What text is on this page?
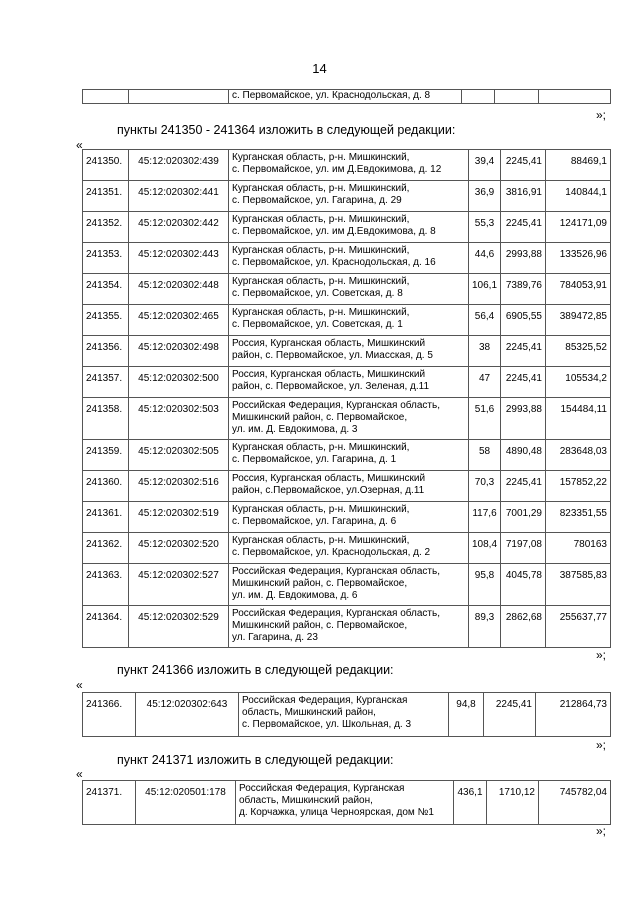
14
		с. Первомайское, ул. Краснодольская, д. 8			
»;
пункты 241350 - 241364 изложить в следующей редакции:
«
241350.	45:12:020302:439	Курганская область, р-н. Мишкинский,
с. Первомайское, ул. им Д.Евдокимова, д. 12	39,4	2245,41	88469,1
241351.	45:12:020302:441	Курганская область, р-н. Мишкинский,
с. Первомайское, ул. Гагарина, д. 29	36,9	3816,91	140844,1
241352.	45:12:020302:442	Курганская область, р-н. Мишкинский,
с. Первомайское, ул. им Д.Евдокимова, д. 8	55,3	2245,41	124171,09
241353.	45:12:020302:443	Курганская область, р-н. Мишкинский,
с. Первомайское, ул. Краснодольская, д. 16	44,6	2993,88	133526,96
241354.	45:12:020302:448	Курганская область, р-н. Мишкинский,
с. Первомайское, ул. Советская, д. 8	106,1	7389,76	784053,91
241355.	45:12:020302:465	Курганская область, р-н. Мишкинский,
с. Первомайское, ул. Советская, д. 1	56,4	6905,55	389472,85
241356.	45:12:020302:498	Россия, Курганская область, Мишкинский
район, с. Первомайское, ул. Миасская, д. 5	38	2245,41	85325,52
241357.	45:12:020302:500	Россия, Курганская область, Мишкинский
район, с. Первомайское, ул. Зеленая, д.11	47	2245,41	105534,2
241358.	45:12:020302:503	Российская Федерация, Курганская область,
Мишкинский район, с. Первомайское,
ул. им. Д. Евдокимова, д. 3	51,6	2993,88	154484,11
241359.	45:12:020302:505	Курганская область, р-н. Мишкинский,
с. Первомайское, ул. Гагарина, д. 1	58	4890,48	283648,03
241360.	45:12:020302:516	Россия, Курганская область, Мишкинский
район, с.Первомайское, ул.Озерная, д.11	70,3	2245,41	157852,22
241361.	45:12:020302:519	Курганская область, р-н. Мишкинский,
с. Первомайское, ул. Гагарина, д. 6	117,6	7001,29	823351,55
241362.	45:12:020302:520	Курганская область, р-н. Мишкинский,
с. Первомайское, ул. Краснодольская, д. 2	108,4	7197,08	780163
241363.	45:12:020302:527	Российская Федерация, Курганская область,
Мишкинский район, с. Первомайское,
ул. им. Д. Евдокимова, д. 6	95,8	4045,78	387585,83
241364.	45:12:020302:529	Российская Федерация, Курганская область,
Мишкинский район, с. Первомайское,
ул. Гагарина, д. 23	89,3	2862,68	255637,77
»;
пункт 241366 изложить в следующей редакции:
«
241366.	45:12:020302:643	Российская Федерация, Курганская
область, Мишкинский район,
с. Первомайское, ул. Школьная, д. 3	94,8	2245,41	212864,73
»;
пункт 241371 изложить в следующей редакции:
«
241371.	45:12:020501:178	Российская Федерация, Курганская
область, Мишкинский район,
д. Корчажка, улица Черноярская, дом №1	436,1	1710,12	745782,04
»;
